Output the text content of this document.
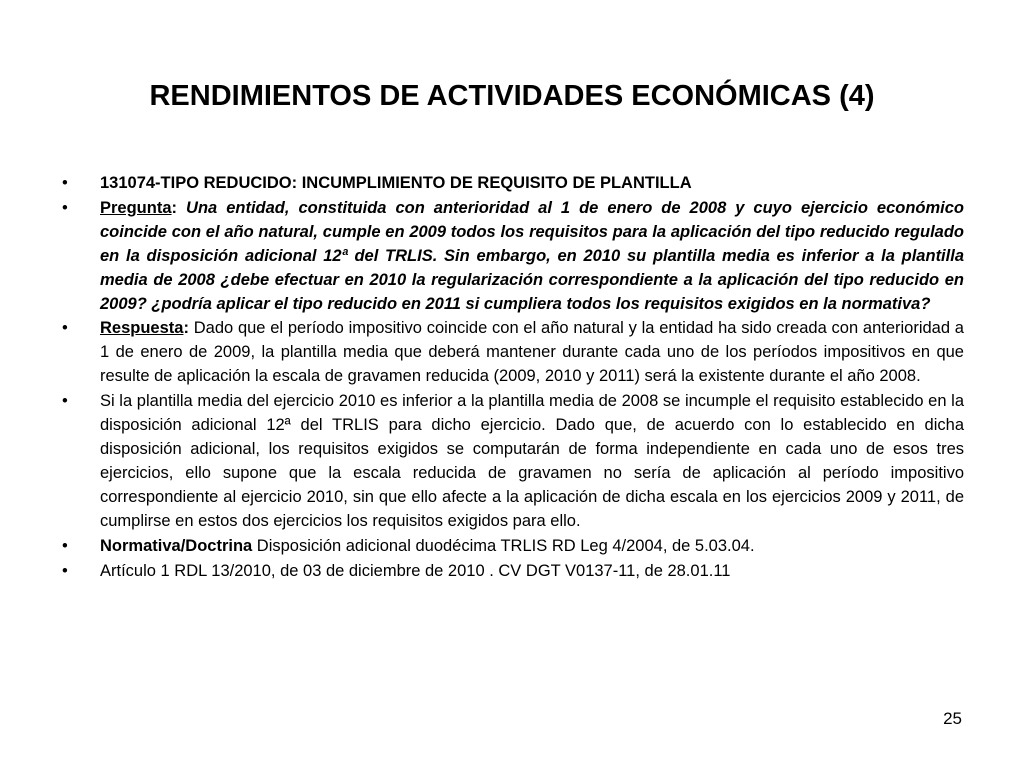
RENDIMIENTOS DE ACTIVIDADES ECONÓMICAS (4)
• 131074-TIPO REDUCIDO: INCUMPLIMIENTO DE REQUISITO DE PLANTILLA
• Pregunta: Una entidad, constituida con anterioridad al 1 de enero de 2008 y cuyo ejercicio económico coincide con el año natural, cumple en 2009 todos los requisitos para la aplicación del tipo reducido regulado en la disposición adicional 12ª del TRLIS. Sin embargo, en 2010 su plantilla media es inferior a la plantilla media de 2008 ¿debe efectuar en 2010 la regularización correspondiente a la aplicación del tipo reducido en 2009? ¿podría aplicar el tipo reducido en 2011 si cumpliera todos los requisitos exigidos en la normativa?
• Respuesta: Dado que el período impositivo coincide con el año natural y la entidad ha sido creada con anterioridad a 1 de enero de 2009, la plantilla media que deberá mantener durante cada uno de los períodos impositivos en que resulte de aplicación la escala de gravamen reducida (2009, 2010 y 2011) será la existente durante el año 2008.
• Si la plantilla media del ejercicio 2010 es inferior a la plantilla media de 2008 se incumple el requisito establecido en la disposición adicional 12ª del TRLIS para dicho ejercicio. Dado que, de acuerdo con lo establecido en dicha disposición adicional, los requisitos exigidos se computarán de forma independiente en cada uno de esos tres ejercicios, ello supone que la escala reducida de gravamen no sería de aplicación al período impositivo correspondiente al ejercicio 2010, sin que ello afecte a la aplicación de dicha escala en los ejercicios 2009 y 2011, de cumplirse en estos dos ejercicios los requisitos exigidos para ello.
• Normativa/Doctrina Disposición adicional duodécima TRLIS RD Leg 4/2004, de 5.03.04.
• Artículo 1 RDL 13/2010, de 03 de diciembre de 2010 . CV DGT V0137-11, de 28.01.11
25
